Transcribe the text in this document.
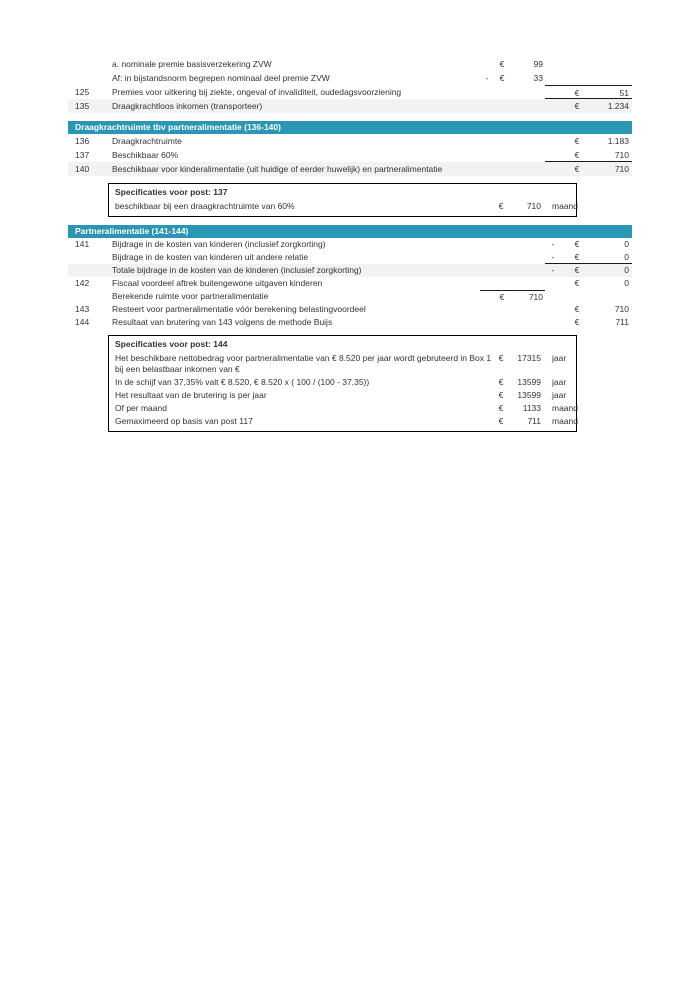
a. nominale premie basisverzekering ZVW	€	99
Af: in bijstandsnorm begrepen nominaal deel premie ZVW	-	€	33
125	Premies voor uitkering bij ziekte, ongeval of invaliditeit, oudedagsvoorziening	€	51
135	Draagkrachtloos inkomen (transporteer)	€	1.234
Draagkrachtruimte tbv partneralimentatie (136-140)
136	Draagkrachtruimte	€	1.183
137	Beschikbaar 60%	€	710
140	Beschikbaar voor kinderalimentatie (uit huidige of eerder huwelijk) en partneralimentatie	€	710
Specificaties voor post: 137
beschikbaar bij een draagkrachtruimte van 60%	€	710	maand
Partneralimentatie (141-144)
141	Bijdrage in de kosten van kinderen (inclusief zorgkorting)	-	€	0
Bijdrage in de kosten van kinderen uit andere relatie	-	€	0
Totale bijdrage in de kosten van de kinderen (inclusief zorgkorting)	-	€	0
142	Fiscaal voordeel aftrek buitengewone uitgaven kinderen	€	0
Berekende ruimte voor partneralimentatie	€	710
143	Resteert voor partneralimentatie vóór berekening belastingvoordeel	€	710
144	Resultaat van brutering van 143 volgens de methode Buijs	€	711
Specificaties voor post: 144
Het beschikbare nettobedrag voor partneralimentatie van € 8.520 per jaar wordt gebruteerd in Box 1 bij een belastbaar inkomen van €
€	17315	jaar
In de schijf van 37,35% valt € 8.520, € 8.520 x ( 100 / (100 - 37,35))	€	13599	jaar
Het resultaat van de brutering is per jaar	€	13599	jaar
Of per maand	€	1133	maand
Gemaximeerd op basis van post 117	€	711	maand
